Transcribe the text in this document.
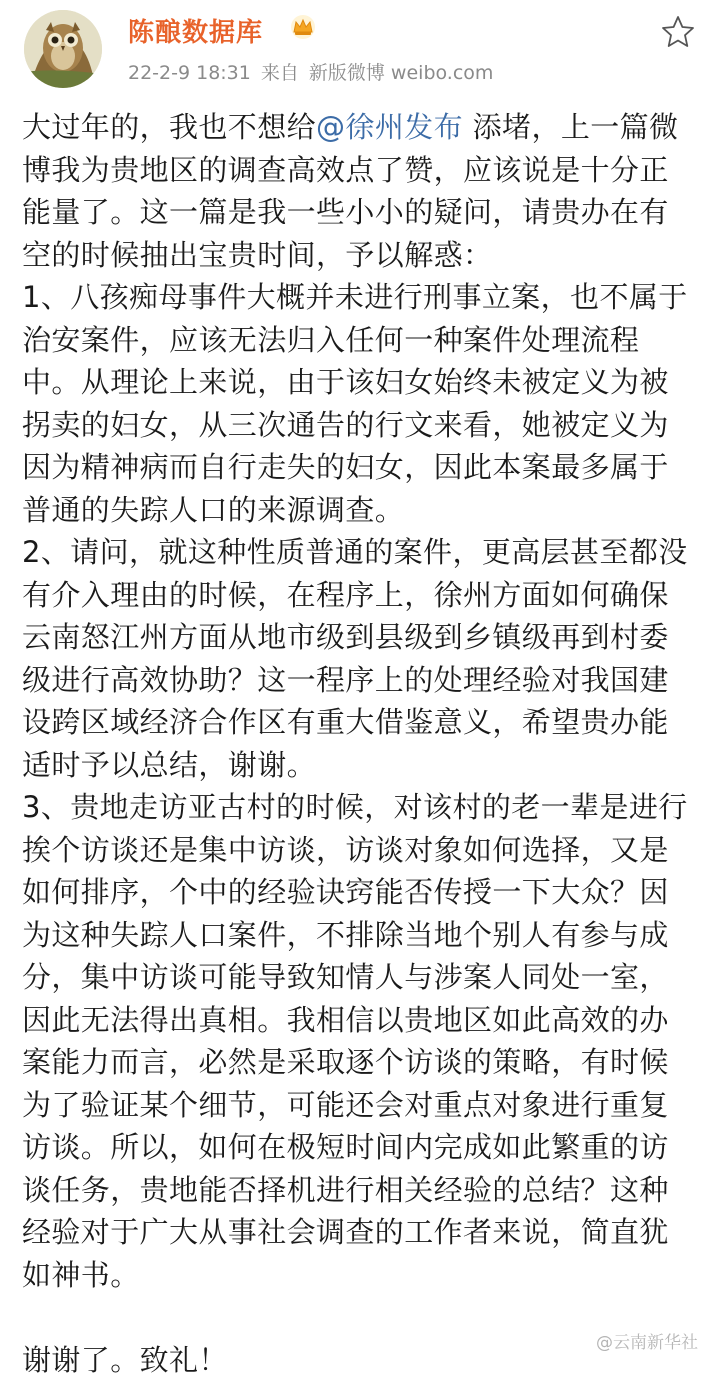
陈酿数据库
22-2-9 18:31 来自 新版微博 weibo.com

大过年的，我也不想给@徐州发布 添堵，上一篇微博我为贵地区的调查高效点了赞，应该说是十分正能量了。这一篇是我一些小小的疑问，请贵办在有空的时候抽出宝贵时间，予以解惑：

1、八孩痴母事件大概并未进行刑事立案，也不属于治安案件，应该无法归入任何一种案件处理流程中。从理论上来说，由于该妇女始终未被定义为被拐卖的妇女，从三次通告的行文来看，她被定义为因为精神病而自行走失的妇女，因此本案最多属于普通的失踪人口的来源调查。

2、请问，就这种性质普通的案件，更高层甚至都没有介入理由的时候，在程序上，徐州方面如何确保云南怒江州方面从地市级到县级到乡镇级再到村委级进行高效协助？这一程序上的处理经验对我国建设跨区域经济合作区有重大借鉴意义，希望贵办能适时予以总结，谢谢。

3、贵地走访亚古村的时候，对该村的老一辈是进行挨个访谈还是集中访谈，访谈对象如何选择，又是如何排序，个中的经验诀窍能否传授一下大众？因为这种失踪人口案件，不排除当地个别人有参与成分，集中访谈可能导致知情人与涉案人同处一室，因此无法得出真相。我相信以贵地区如此高效的办案能力而言，必然是采取逐个访谈的策略，有时候为了验证某个细节，可能还会对重点对象进行重复访谈。所以，如何在极短时间内完成如此繁重的访谈任务，贵地能否择机进行相关经验的总结？这种经验对于广大从事社会调查的工作者来说，简直犹如神书。

谢谢了。致礼！	@云南新华社
